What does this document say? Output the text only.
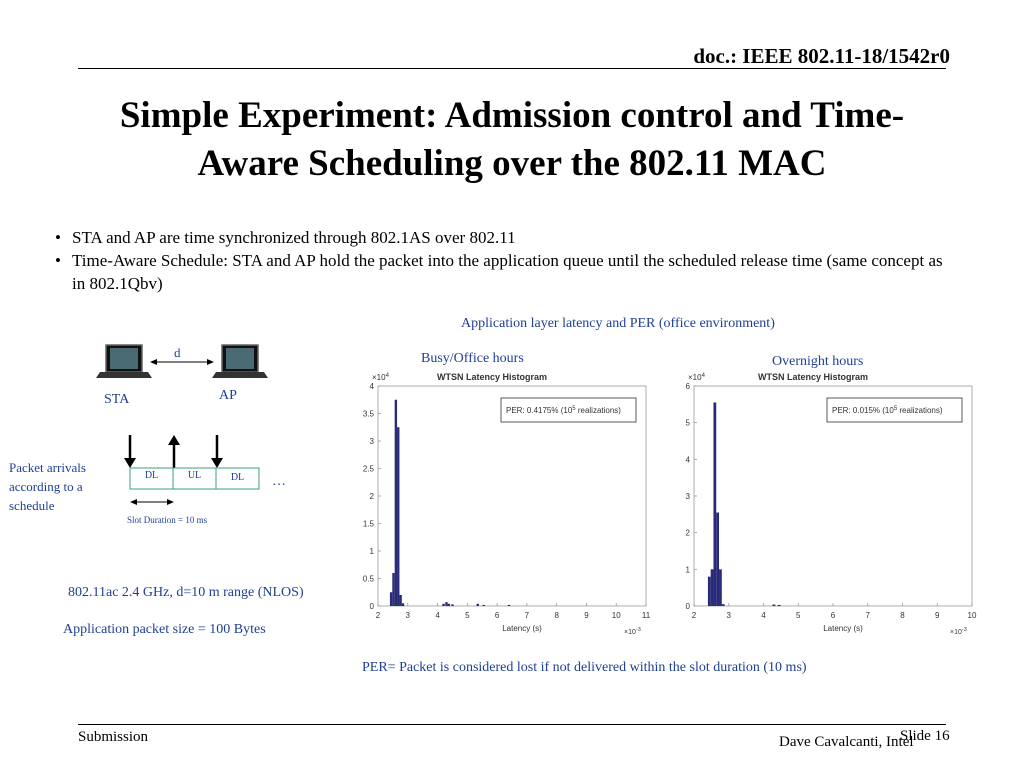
doc.: IEEE 802.11-18/1542r0
Simple Experiment: Admission control and Time-
Aware Scheduling over the 802.11 MAC
• STA and AP are time synchronized through 802.1AS over 802.11
• Time-Aware Schedule: STA and AP hold the packet into the application queue until the scheduled release time (same concept as in 802.1Qbv)
Application layer latency and PER (office environment)
d
STA	AP
Packet arrivals
according to a
schedule
DL	UL	DL	…
Slot Duration = 10 ms
802.11ac 2.4 GHz, d=10 m range (NLOS)
Application packet size = 100 Bytes
Busy/Office hours	Overnight hours
WTSN Latency Histogram
$\times 10^4$
0
0.5
1
1.5
2
2.5
3
3.5
4
2	3	4	5	6	7	8	9	10	11
Latency (s)	$\times 10^{-3}$
PER: 0.4175% ($10^5$ realizations)
WTSN Latency Histogram
$\times 10^4$
0
1
2
3
4
5
6
2	3	4	5	6	7	8	9	10
Latency (s)	$\times 10^{-3}$
PER: 0.015% ($10^5$ realizations)
PER= Packet is considered lost if not delivered within the slot duration (10 ms)
Submission	Dave Cavalcanti, Intel
Slide 16
